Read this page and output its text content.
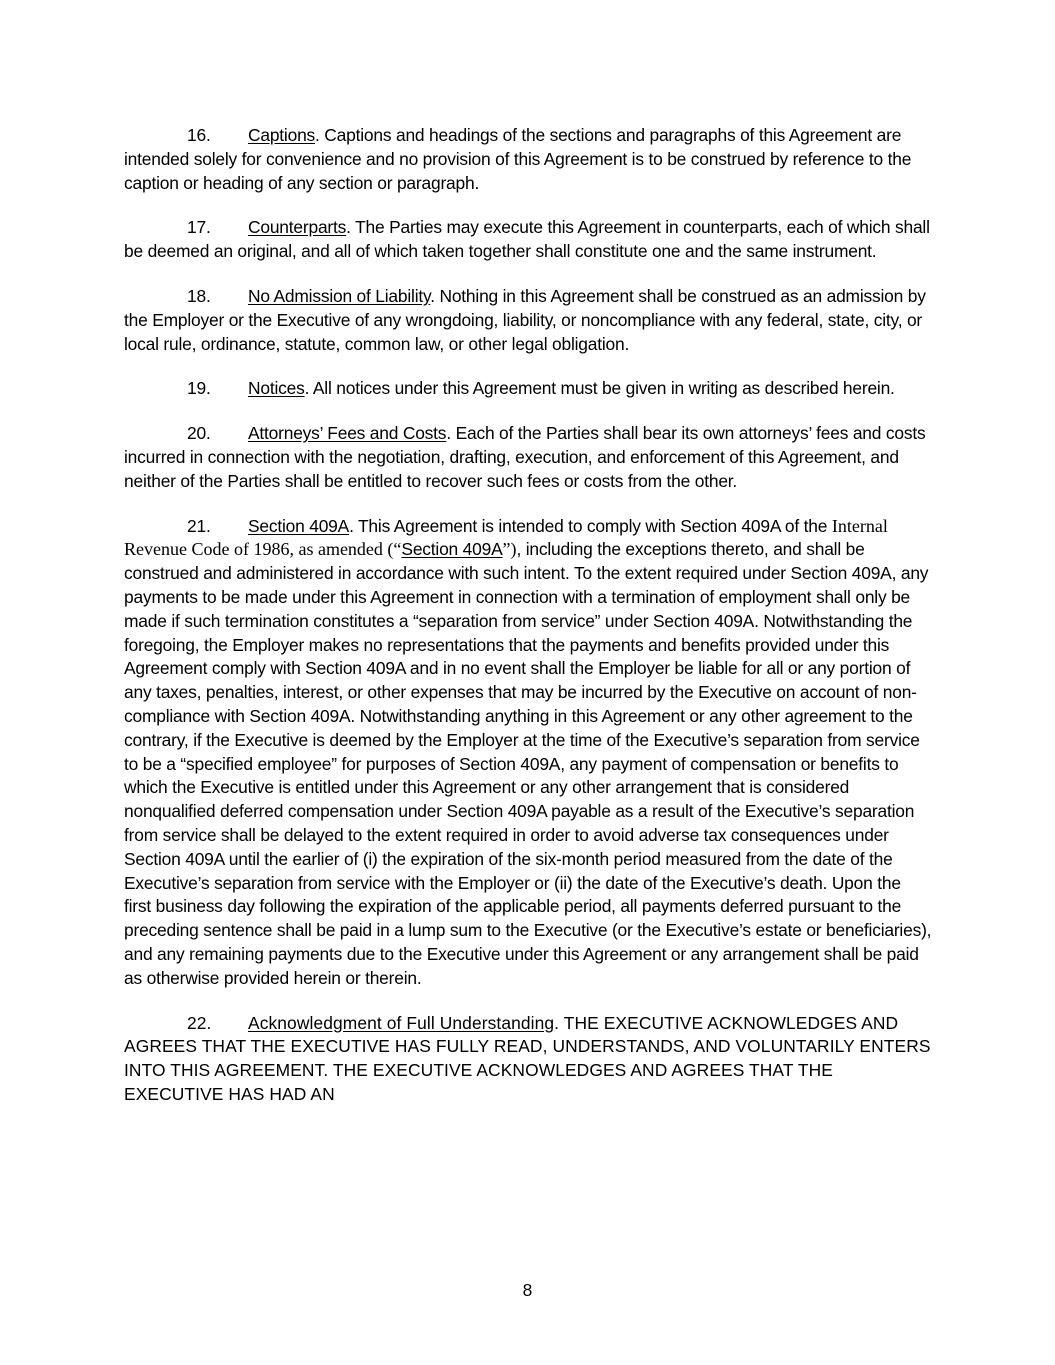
16. Captions. Captions and headings of the sections and paragraphs of this Agreement are intended solely for convenience and no provision of this Agreement is to be construed by reference to the caption or heading of any section or paragraph.

17. Counterparts. The Parties may execute this Agreement in counterparts, each of which shall be deemed an original, and all of which taken together shall constitute one and the same instrument.

18. No Admission of Liability. Nothing in this Agreement shall be construed as an admission by the Employer or the Executive of any wrongdoing, liability, or noncompliance with any federal, state, city, or local rule, ordinance, statute, common law, or other legal obligation.

19. Notices. All notices under this Agreement must be given in writing as described herein.

20. Attorneys’ Fees and Costs. Each of the Parties shall bear its own attorneys’ fees and costs incurred in connection with the negotiation, drafting, execution, and enforcement of this Agreement, and neither of the Parties shall be entitled to recover such fees or costs from the other.

21. Section 409A. This Agreement is intended to comply with Section 409A of the Internal Revenue Code of 1986, as amended (“Section 409A”), including the exceptions thereto, and shall be construed and administered in accordance with such intent. To the extent required under Section 409A, any payments to be made under this Agreement in connection with a termination of employment shall only be made if such termination constitutes a “separation from service” under Section 409A. Notwithstanding the foregoing, the Employer makes no representations that the payments and benefits provided under this Agreement comply with Section 409A and in no event shall the Employer be liable for all or any portion of any taxes, penalties, interest, or other expenses that may be incurred by the Executive on account of non-compliance with Section 409A. Notwithstanding anything in this Agreement or any other agreement to the contrary, if the Executive is deemed by the Employer at the time of the Executive’s separation from service to be a “specified employee” for purposes of Section 409A, any payment of compensation or benefits to which the Executive is entitled under this Agreement or any other arrangement that is considered nonqualified deferred compensation under Section 409A payable as a result of the Executive’s separation from service shall be delayed to the extent required in order to avoid adverse tax consequences under Section 409A until the earlier of (i) the expiration of the six-month period measured from the date of the Executive’s separation from service with the Employer or (ii) the date of the Executive’s death. Upon the first business day following the expiration of the applicable period, all payments deferred pursuant to the preceding sentence shall be paid in a lump sum to the Executive (or the Executive’s estate or beneficiaries), and any remaining payments due to the Executive under this Agreement or any arrangement shall be paid as otherwise provided herein or therein.

22. Acknowledgment of Full Understanding. THE EXECUTIVE ACKNOWLEDGES AND AGREES THAT THE EXECUTIVE HAS FULLY READ, UNDERSTANDS, AND VOLUNTARILY ENTERS INTO THIS AGREEMENT. THE EXECUTIVE ACKNOWLEDGES AND AGREES THAT THE EXECUTIVE HAS HAD AN

8
